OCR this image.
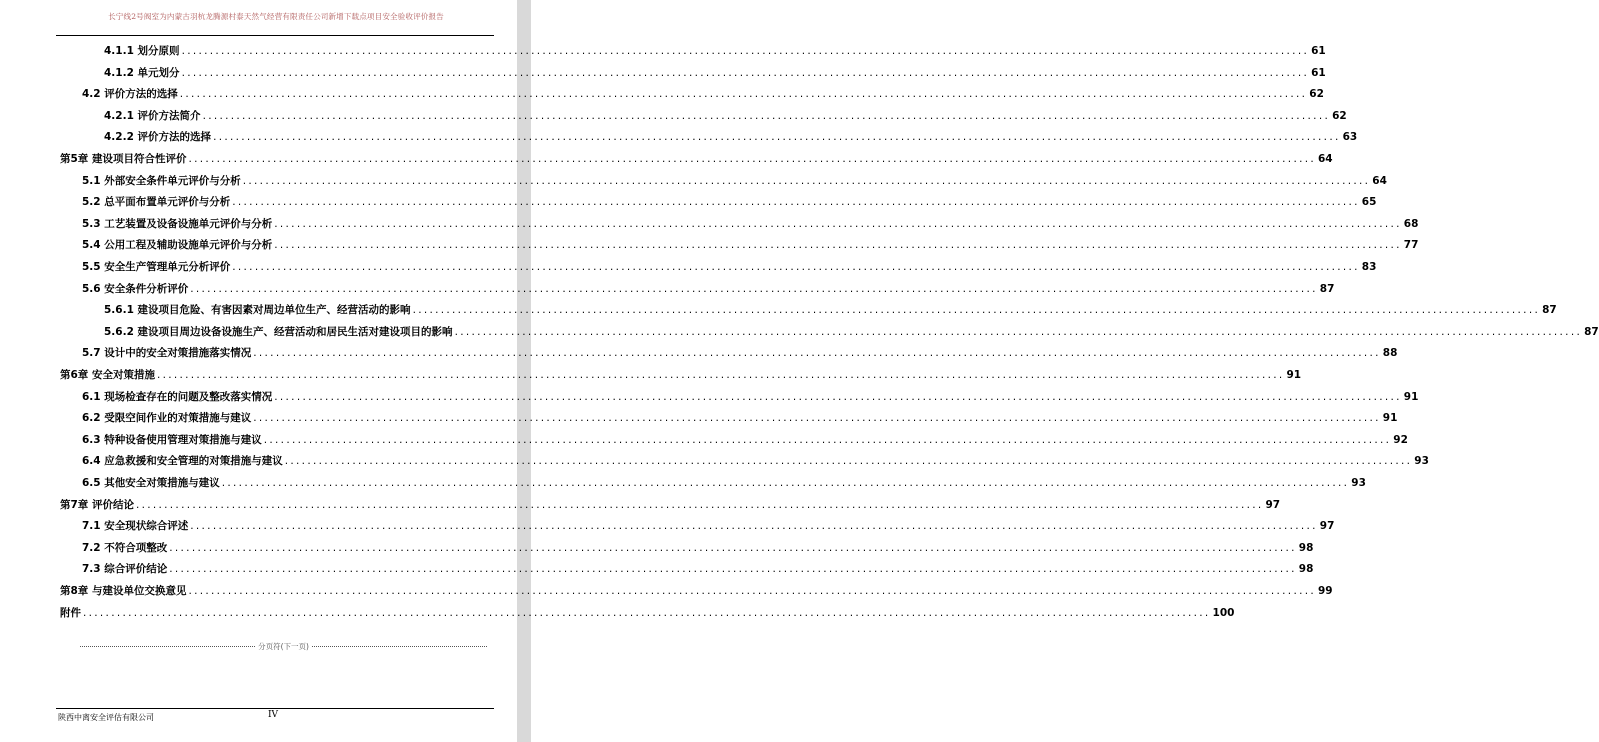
长宁线2号阀室为内蒙古羽杭龙腾源村泰天然气经营有限责任公司新增下载点项目安全验收评价报告
4.1.1 划分原则 ........................................................................................................................................................................................................ 61
4.1.2 单元划分 ........................................................................................................................................................................................................ 61
4.2 评价方法的选择 ........................................................................................................................................................................................................ 62
4.2.1 评价方法简介 ........................................................................................................................................................................................................ 62
4.2.2 评价方法的选择 ........................................................................................................................................................................................................ 63
第5章 建设项目符合性评价 ........................................................................................................................................................................................................ 64
5.1 外部安全条件单元评价与分析 ........................................................................................................................................................................................................ 64
5.2 总平面布置单元评价与分析 ........................................................................................................................................................................................................ 65
5.3 工艺装置及设备设施单元评价与分析 ........................................................................................................................................................................................................ 68
5.4 公用工程及辅助设施单元评价与分析 ........................................................................................................................................................................................................ 77
5.5 安全生产管理单元分析评价 ........................................................................................................................................................................................................ 83
5.6 安全条件分析评价 ........................................................................................................................................................................................................ 87
5.6.1 建设项目危险、有害因素对周边单位生产、经营活动的影响 ........................................................................................................................................................................................................ 87
5.6.2 建设项目周边设备设施生产、经营活动和居民生活对建设项目的影响 ........................................................................................................................................................................................................ 87
5.7 设计中的安全对策措施落实情况 ........................................................................................................................................................................................................ 88
第6章 安全对策措施 ........................................................................................................................................................................................................ 91
6.1 现场检查存在的问题及整改落实情况 ........................................................................................................................................................................................................ 91
6.2 受限空间作业的对策措施与建议 ........................................................................................................................................................................................................ 91
6.3 特种设备使用管理对策措施与建议 ........................................................................................................................................................................................................ 92
6.4 应急救援和安全管理的对策措施与建议 ........................................................................................................................................................................................................ 93
6.5 其他安全对策措施与建议 ........................................................................................................................................................................................................ 93
第7章 评价结论 ........................................................................................................................................................................................................ 97
7.1 安全现状综合评述 ........................................................................................................................................................................................................ 97
7.2 不符合项整改 ........................................................................................................................................................................................................ 98
7.3 综合评价结论 ........................................................................................................................................................................................................ 98
第8章 与建设单位交换意见 ........................................................................................................................................................................................................ 99
附件 ........................................................................................................................................................................................................ 100
分页符(下一页)
陕西中离安全评估有限公司	IV
